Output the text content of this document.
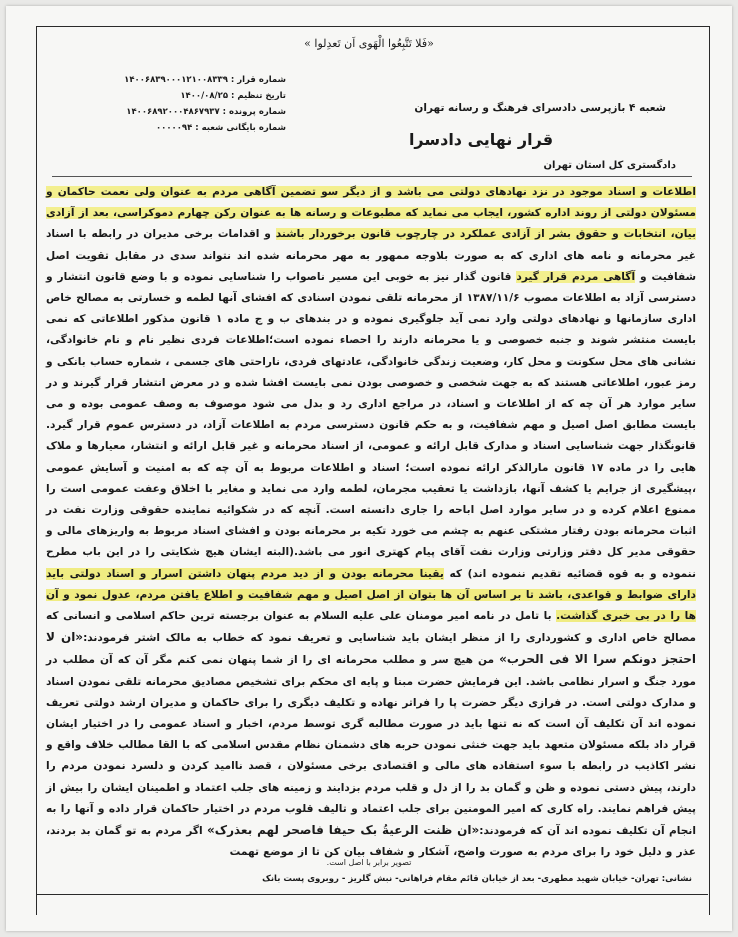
«فَلا تَتَّبِعُوا الْهَوى اَن تَعدِلوا »
شماره قرار : ۱۴۰۰۶۸۳۹۰۰۰۱۲۱۰۰۸۳۳۹
تاریخ تنظیم : ۱۴۰۰/۰۸/۲۵
شماره پرونده : ۱۴۰۰۶۸۹۲۰۰۰۴۸۶۷۹۳۷
شماره بایگانی شعبه : ۰۰۰۰۰۹۴
شعبه ۴ بازپرسی دادسرای فرهنگ و رسانه تهران
قرار نهایی دادسرا
دادگستری کل استان تهران
اطلاعات و اسناد موجود در نزد نهادهای دولتی می باشد و از دیگر سو تضمین آگاهی مردم به عنوان ولی نعمت حاکمان و مسئولان دولتی از روند اداره کشور، ایجاب می نماید که مطبوعات و رسانه ها به عنوان رکن چهارم دموکراسی، بعد از آزادی بیان، انتخابات و حقوق بشر از آزادی عملکرد در چارچوب قانون برخوردار باشند و اقدامات برخی مدیران در رابطه با اسناد غیر محرمانه و نامه های اداری که به صورت بلاوجه ممهور به مهر محرمانه شده اند نتواند سدی در مقابل تقویت اصل شفافیت و آگاهی مردم قرار گیرد قانون گذار نیز به خوبی این مسیر ناصواب را شناسایی نموده و با وضع قانون انتشار و دسترسی آزاد به اطلاعات مصوب ۱۳۸۷/۱۱/۶ از محرمانه تلقی نمودن اسنادی که افشای آنها لطمه و خسارتی به مصالح خاص اداری سازمانها و نهادهای دولتی وارد نمی آید جلوگیری نموده و در بندهای ب و ج ماده ۱ قانون مذکور اطلاعاتی که نمی بایست منتشر شوند و جنبه خصوصی و یا محرمانه دارند را احصاء نموده است؛اطلاعات فردی نظیر نام و نام خانوادگی، نشانی های محل سکونت و محل کار، وضعیت زندگی خانوادگی، عادتهای فردی، ناراحتی های جسمی ، شماره حساب بانکی و رمز عبور، اطلاعاتی هستند که به جهت شخصی و خصوصی بودن نمی بایست افشا شده و در معرض انتشار قرار گیرند و در سایر موارد هر آن چه که از اطلاعات و اسناد، در مراجع اداری رد و بدل می شود موصوف به وصف عمومی بوده و می بایست مطابق اصل اصیل و مهم شفافیت، و به حکم قانون دسترسی مردم به اطلاعات آزاد، در دسترس عموم قرار گیرد. قانونگذار جهت شناسایی اسناد و مدارک قابل ارائه و عمومی، از اسناد محرمانه و غیر قابل ارائه و انتشار، معیارها و ملاک هایی را در ماده ۱۷ قانون مارالذکر ارائه نموده است؛ اسناد و اطلاعات مربوط به آن چه که به امنیت و آسایش عمومی ،پیشگیری از جرایم یا کشف آنها، بازداشت یا تعقیب مجرمان، لطمه وارد می نماید و مغایر با اخلاق وعفت عمومی است را ممنوع اعلام کرده و در سایر موارد اصل اباحه را جاری دانسته است. آنچه که در شکوائیه نماینده حقوقی وزارت نفت در اثبات محرمانه بودن رفتار مشتکی عنهم به چشم می خورد تکیه بر محرمانه بودن و افشای اسناد مربوط به واریزهای مالی و حقوقی مدیر کل دفتر وزارتی وزارت نفت آقای پیام کهتری انور می باشد.(البته ایشان هیچ شکایتی را در این باب مطرح ننموده و به قوه قضائیه تقدیم ننموده اند) که یقینا محرمانه بودن و از دید مردم پنهان داشتن اسرار و اسناد دولتی باید دارای ضوابط و قواعدی، باشد تا بر اساس آن ها بتوان از اصل اصیل و مهم شفافیت و اطلاع یافتن مردم، عدول نمود و آن ها را در بی خبری گذاشت. با تامل در نامه امیر مومنان علی علیه السلام به عنوان برجسته ترین حاکم اسلامی و انسانی که مصالح خاص اداری و کشورداری را از منظر ایشان باید شناسایی و تعریف نمود که خطاب به مالک اشتر فرمودند:«ان لا احتجز دونکم سرا الا فی الحرب» من هیچ سر و مطلب محرمانه ای را از شما پنهان نمی کنم مگر آن که آن مطلب در مورد جنگ و اسرار نظامی باشد. این فرمایش حضرت مبنا و پایه ای محکم برای تشخیص مصادیق محرمانه تلقی نمودن اسناد و مدارک دولتی است. در فرازی دیگر حضرت پا را فراتر نهاده و تکلیف دیگری را برای حاکمان و مدیران ارشد دولتی تعریف نموده اند آن تکلیف آن است که نه تنها باید در صورت مطالبه گری توسط مردم، اخبار و اسناد عمومی را در اختیار ایشان قرار داد بلکه مسئولان متعهد باید جهت خنثی نمودن حربه های دشمنان نظام مقدس اسلامی که با القا مطالب خلاف واقع و نشر اکاذیب در رابطه با سوء استفاده های مالی و اقتصادی برخی مسئولان ، قصد ناامید کردن و دلسرد نمودن مردم را دارند، پیش دستی نموده و ظن و گمان بد را از دل و قلب مردم بزدایند و زمینه های جلب اعتماد و اطمینان ایشان را بیش از پیش فراهم نمایند. راه کاری که امیر المومنین برای جلب اعتماد و تالیف قلوب مردم در اختیار حاکمان قرار داده و آنها را به انجام آن تکلیف نموده اند آن که فرمودند:«ان ظنت الرعیةُ بک حیفا فاصحر لهم بعذرک» اگر مردم به تو گمان بد بردند، عذر و دلیل خود را برای مردم به صورت واضح، آشکار و شفاف بیان کن تا از موضع تهمت
تصویر برابر با اصل است.
نشانی: تهران- خیابان شهید مطهری- بعد از خیابان قائم مقام فراهانی- نبش گلریز - روبروی پست بانک
